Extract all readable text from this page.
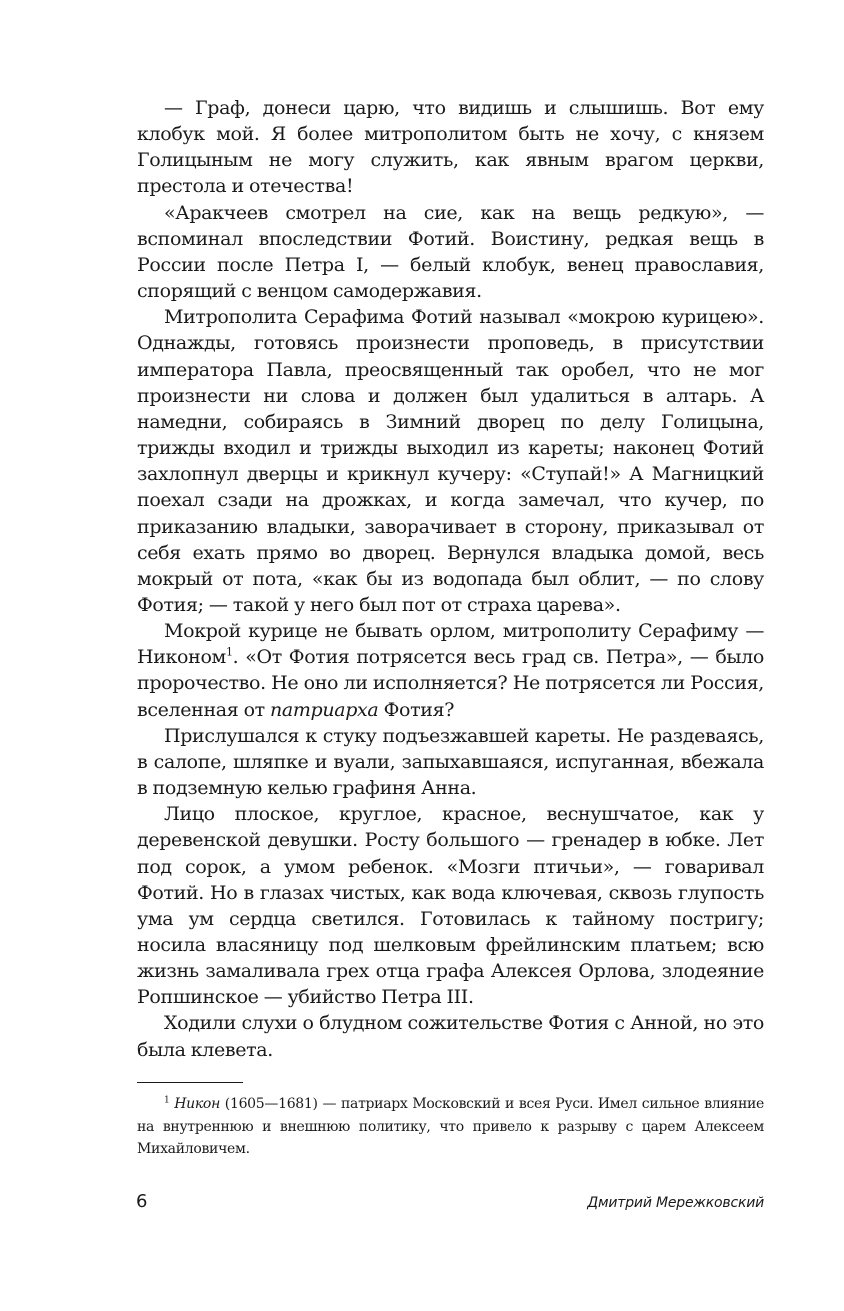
— Граф, донеси царю, что видишь и слышишь. Вот ему клобук мой. Я более митрополитом быть не хочу, с князем Голицыным не могу служить, как явным врагом церкви, престола и отечества!

«Аракчеев смотрел на сие, как на вещь редкую», — вспоминал впоследствии Фотий. Воистину, редкая вещь в России после Петра I, — белый клобук, венец православия, спорящий с венцом самодержавия.

Митрополита Серафима Фотий называл «мокрою курицею». Однажды, готовясь произнести проповедь, в присутствии императора Павла, преосвященный так оробел, что не мог произнести ни слова и должен был удалиться в алтарь. А намедни, собираясь в Зимний дворец по делу Голицына, трижды входил и трижды выходил из кареты; наконец Фотий захлопнул дверцы и крикнул кучеру: «Ступай!» А Магницкий поехал сзади на дрожках, и когда замечал, что кучер, по приказанию владыки, заворачивает в сторону, приказывал от себя ехать прямо во дворец. Вернулся владыка домой, весь мокрый от пота, «как бы из водопада был облит, — по слову Фотия; — такой у него был пот от страха царева».

Мокрой курице не бывать орлом, митрополиту Серафиму — Никоном$^1$. «От Фотия потрясется весь град св. Петра», — было пророчество. Не оно ли исполняется? Не потрясется ли Россия, вселенная от патриарха Фотия?

Прислушался к стуку подъезжавшей кареты. Не раздеваясь, в салопе, шляпке и вуали, запыхавшаяся, испуганная, вбежала в подземную келью графиня Анна.

Лицо плоское, круглое, красное, веснушчатое, как у деревенской девушки. Росту большого — гренадер в юбке. Лет под сорок, а умом ребенок. «Мозги птичьи», — говаривал Фотий. Но в глазах чистых, как вода ключевая, сквозь глупость ума ум сердца светился. Готовилась к тайному постригу; носила власяницу под шелковым фрейлинским платьем; всю жизнь замаливала грех отца графа Алексея Орлова, злодеяние Ропшинское — убийство Петра III.

Ходили слухи о блудном сожительстве Фотия с Анной, но это была клевета.

$^1$ Никон (1605—1681) — патриарх Московский и всея Руси. Имел сильное влияние на внутреннюю и внешнюю политику, что привело к разрыву с царем Алексеем Михайловичем.

6	Дмитрий Мережковский
